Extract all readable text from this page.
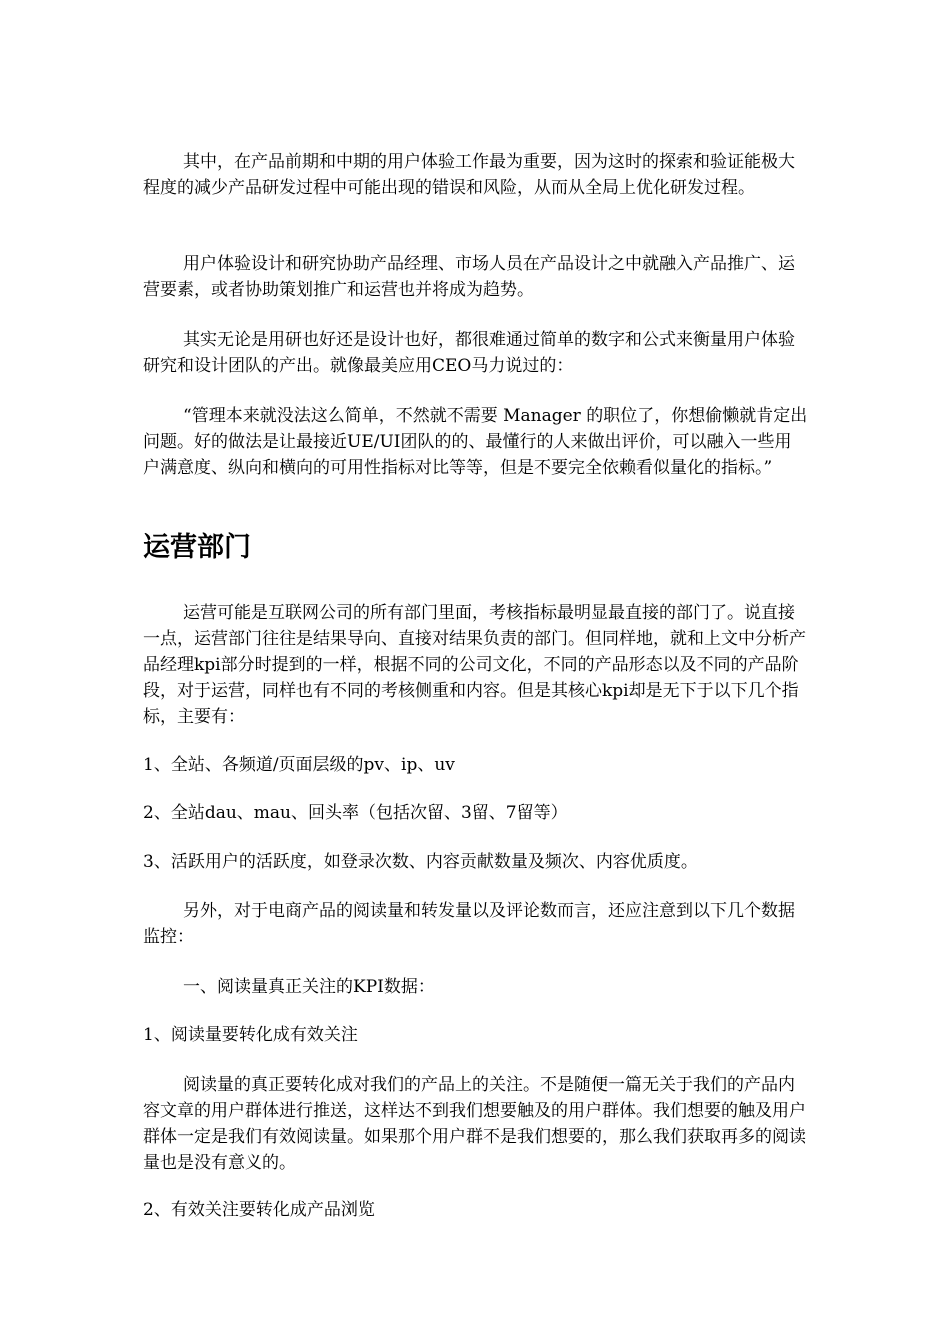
其中，在产品前期和中期的用户体验工作最为重要，因为这时的探索和验证能极大程度的减少产品研发过程中可能出现的错误和风险，从而从全局上优化研发过程。

用户体验设计和研究协助产品经理、市场人员在产品设计之中就融入产品推广、运营要素，或者协助策划推广和运营也并将成为趋势。

其实无论是用研也好还是设计也好，都很难通过简单的数字和公式来衡量用户体验研究和设计团队的产出。就像最美应用CEO马力说过的：

“管理本来就没法这么简单，不然就不需要 Manager 的职位了，你想偷懒就肯定出问题。好的做法是让最接近UE/UI团队的的、最懂行的人来做出评价，可以融入一些用户满意度、纵向和横向的可用性指标对比等等，但是不要完全依赖看似量化的指标。”

运营部门

运营可能是互联网公司的所有部门里面，考核指标最明显最直接的部门了。说直接一点，运营部门往往是结果导向、直接对结果负责的部门。但同样地，就和上文中分析产品经理kpi部分时提到的一样，根据不同的公司文化，不同的产品形态以及不同的产品阶段，对于运营，同样也有不同的考核侧重和内容。但是其核心kpi却是无下于以下几个指标，主要有：

1、全站、各频道/页面层级的pv、ip、uv

2、全站dau、mau、回头率（包括次留、3留、7留等）

3、活跃用户的活跃度，如登录次数、内容贡献数量及频次、内容优质度。

另外，对于电商产品的阅读量和转发量以及评论数而言，还应注意到以下几个数据监控：

一、阅读量真正关注的KPI数据：

1、阅读量要转化成有效关注

阅读量的真正要转化成对我们的产品上的关注。不是随便一篇无关于我们的产品内容文章的用户群体进行推送，这样达不到我们想要触及的用户群体。我们想要的触及用户群体一定是我们有效阅读量。如果那个用户群不是我们想要的，那么我们获取再多的阅读量也是没有意义的。

2、有效关注要转化成产品浏览
